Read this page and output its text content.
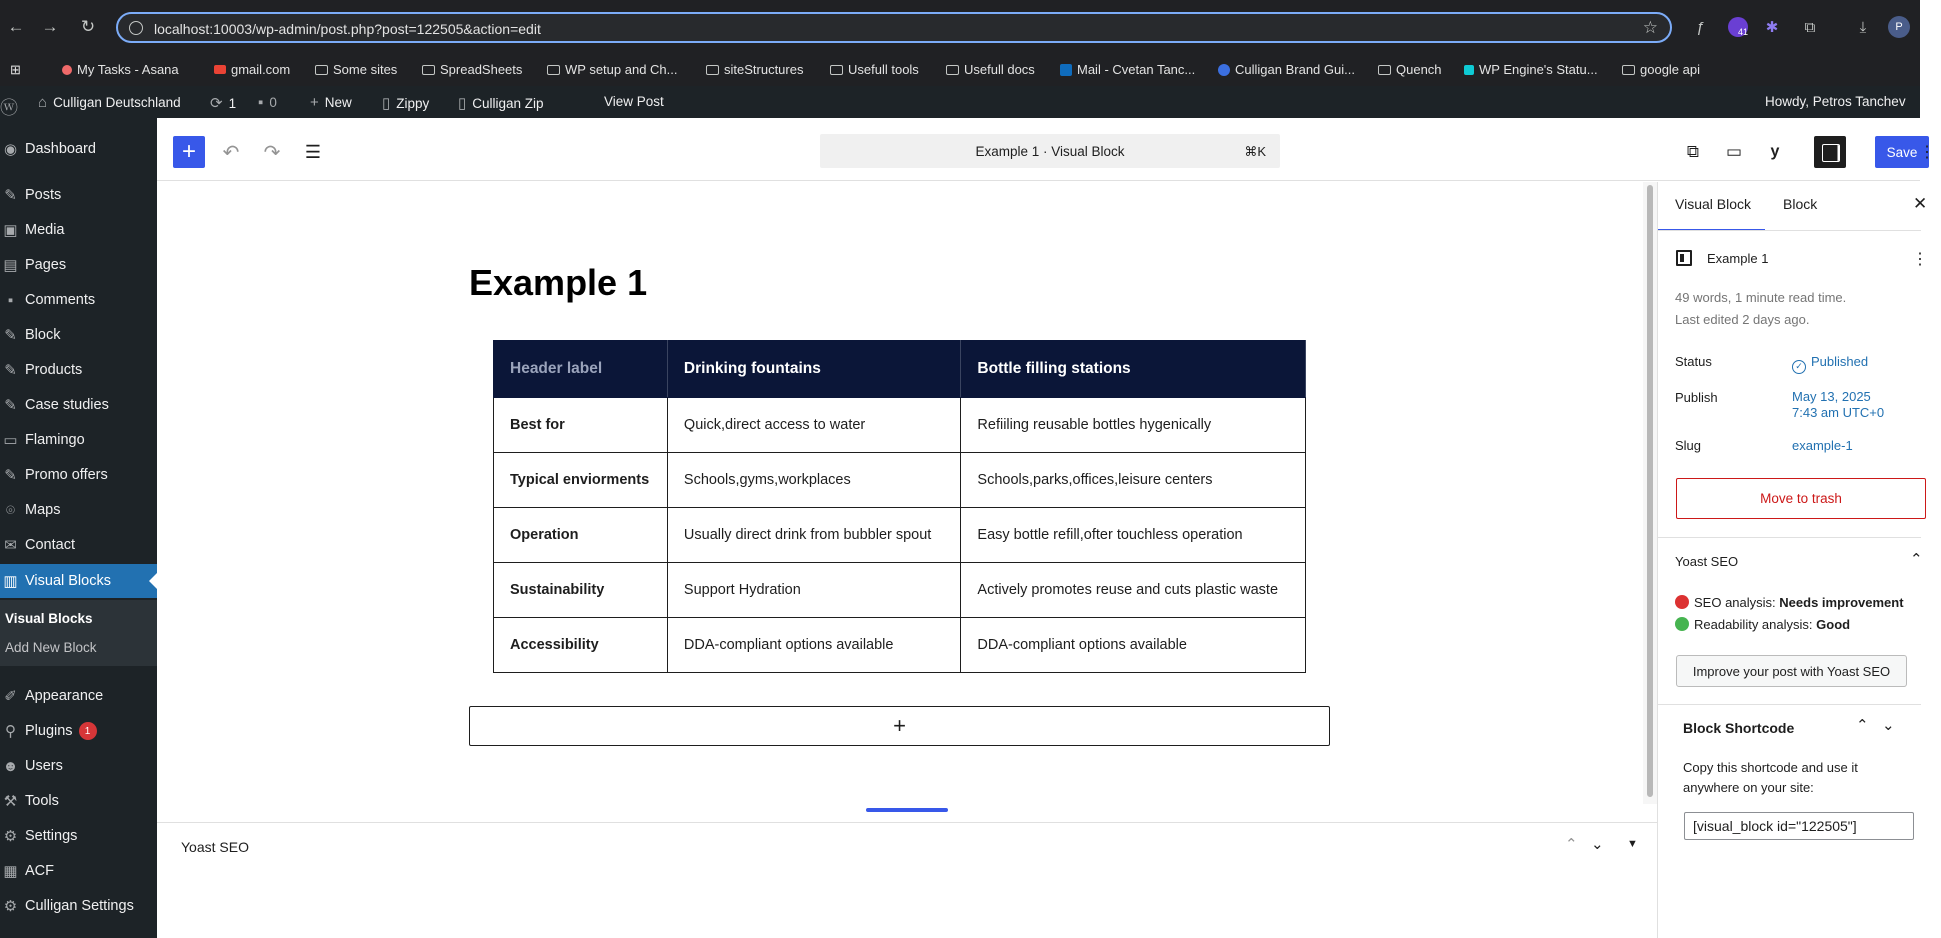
← → ↻	localhost:10003/wp-admin/post.php?post=122505&action=edit	☆	ƒ	41 ✱	⧉	⤓	P
⊞	My Tasks - Asana	gmail.com	Some sites	SpreadSheets	WP setup and Ch...	siteStructures	Usefull tools	Usefull docs	Mail - Cvetan Tanc...	Culligan Brand Gui...	Quench	WP Engine's Statu...	google api
ⓦ ⌂ Culligan Deutschland ⟳ 1 ▪ 0 + New ▯ Zippy ▯ Culligan Zip	View Post	Howdy, Petros Tanchev
◉ Dashboard
✎ Posts
▣ Media
▤ Pages
▪ Comments
✎ Block
✎ Products
✎ Case studies
▭ Flamingo
✎ Promo offers
⌾ Maps
✉ Contact
▥ Visual Blocks
Visual Blocks
Add New Block
✐ Appearance
⚲ Plugins	1
☻ Users
⚒ Tools
⚙ Settings
▦ ACF
⚙ Culligan Settings
+	↶ ↷	☰	Example 1 · Visual Block	⌘K	⧉	▭	y	Save ⋮
Example 1
Header label	Drinking fountains	Bottle filling stations
Best for	Quick,direct access to water	Refiiling reusable bottles hygenically
Typical enviorments	Schools,gyms,workplaces	Schools,parks,offices,leisure centers
Operation	Usually direct drink from bubbler spout	Easy bottle refill,ofter touchless operation
Sustainability	Support Hydration	Actively promotes reuse and cuts plastic waste
Accessibility	DDA-compliant options available	DDA-compliant options available
+
Yoast SEO	⌃ ⌄ ▼
Visual Block Block	✕
Example 1	⋮
49 words, 1 minute read time.
Last edited 2 days ago.
Status	✓ Published
Publish	May 13, 2025
7:43 am UTC+0
Slug	example-1
Move to trash
Yoast SEO	⌃
SEO analysis: Needs improvement
Readability analysis: Good
Improve your post with Yoast SEO
Block Shortcode	⌃ ⌄
Copy this shortcode and use it
anywhere on your site:
[visual_block id="122505"]
